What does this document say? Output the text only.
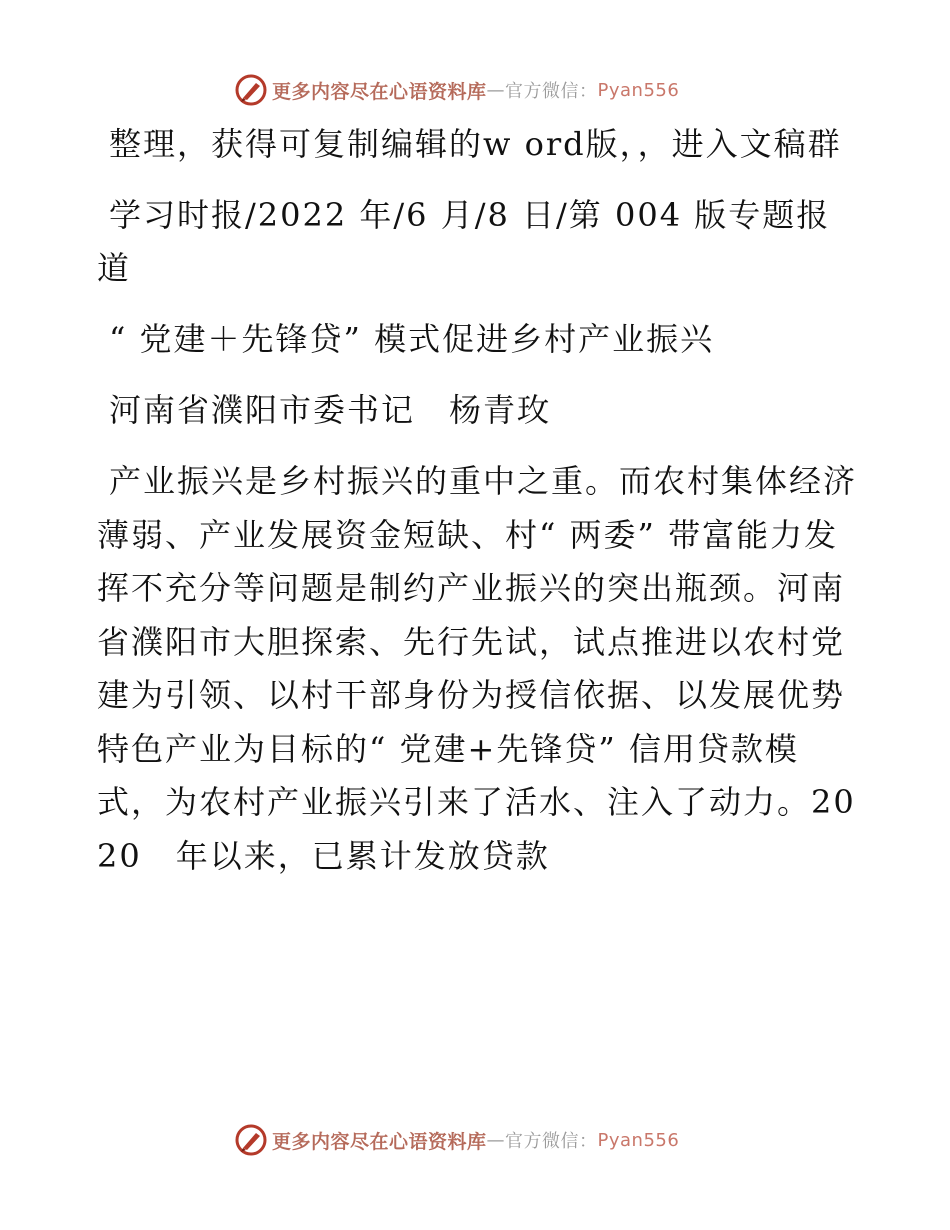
更多内容尽在心语资料库 — 官方微信： Pyan556

整理，获得可复制编辑的w ord版，，进入文稿群

学习时报/2022 年/6 月/8 日/第 004 版专题报道

“ 党建＋先锋贷” 模式促进乡村产业振兴

河南省濮阳市委书记　杨青玫

产业振兴是乡村振兴的重中之重。而农村集体经济薄弱、产业发展资金短缺、村“ 两委” 带富能力发挥不充分等问题是制约产业振兴的突出瓶颈。河南省濮阳市大胆探索、先行先试，试点推进以农村党建为引领、以村干部身份为授信依据、以发展优势特色产业为目标的“ 党建+先锋贷” 信用贷款模式，为农村产业振兴引来了活水、注入了动力。2020　年以来，已累计发放贷款

更多内容尽在心语资料库 — 官方微信： Pyan556
